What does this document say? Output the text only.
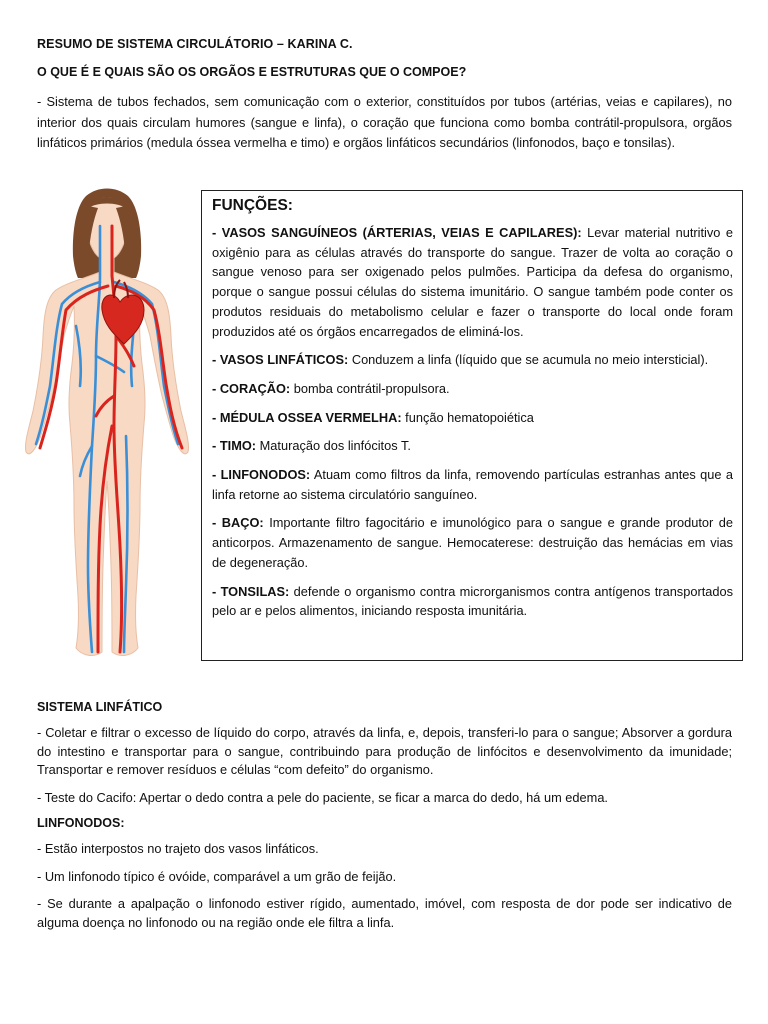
RESUMO DE SISTEMA CIRCULÁTORIO – KARINA C.
O QUE É E QUAIS SÃO OS ORGÃOS E ESTRUTURAS QUE O COMPOE?
- Sistema de tubos fechados, sem comunicação com o exterior, constituídos por tubos (artérias, veias e capilares), no interior dos quais circulam humores (sangue e linfa), o coração que funciona como bomba contrátil-propulsora, orgãos linfáticos primários (medula óssea vermelha e timo) e orgãos linfáticos secundários (linfonodos, baço e tonsilas).
FUNÇÕES:
- VASOS SANGUÍNEOS (ÁRTERIAS, VEIAS E CAPILARES): Levar material nutritivo e oxigênio para as células através do transporte do sangue. Trazer de volta ao coração o sangue venoso para ser oxigenado pelos pulmões. Participa da defesa do organismo, porque o sangue possui células do sistema imunitário. O sangue também pode conter os produtos residuais do metabolismo celular e fazer o transporte do local onde foram produzidos até os órgãos encarregados de eliminá-los.
- VASOS LINFÁTICOS: Conduzem a linfa (líquido que se acumula no meio intersticial).
- CORAÇÃO: bomba contrátil-propulsora.
- MÉDULA OSSEA VERMELHA: função hematopoiética
- TIMO: Maturação dos linfócitos T.
- LINFONODOS: Atuam como filtros da linfa, removendo partículas estranhas antes que a linfa retorne ao sistema circulatório sanguíneo.
- BAÇO: Importante filtro fagocitário e imunológico para o sangue e grande produtor de anticorpos. Armazenamento de sangue. Hemocaterese: destruição das hemácias em vias de degeneração.
- TONSILAS: defende o organismo contra microrganismos contra antígenos transportados pelo ar e pelos alimentos, iniciando resposta imunitária.
SISTEMA LINFÁTICO
- Coletar e filtrar o excesso de líquido do corpo, através da linfa, e, depois, transferi-lo para o sangue; Absorver a gordura do intestino e transportar para o sangue, contribuindo para produção de linfócitos e desenvolvimento da imunidade; Transportar e remover resíduos e células “com defeito” do organismo.
- Teste do Cacifo: Apertar o dedo contra a pele do paciente, se ficar a marca do dedo, há um edema.
LINFONODOS:
- Estão interpostos no trajeto dos vasos linfáticos.
- Um linfonodo típico é ovóide, comparável a um grão de feijão.
- Se durante a apalpação o linfonodo estiver rígido, aumentado, imóvel, com resposta de dor pode ser indicativo de alguma doença no linfonodo ou na região onde ele filtra a linfa.
